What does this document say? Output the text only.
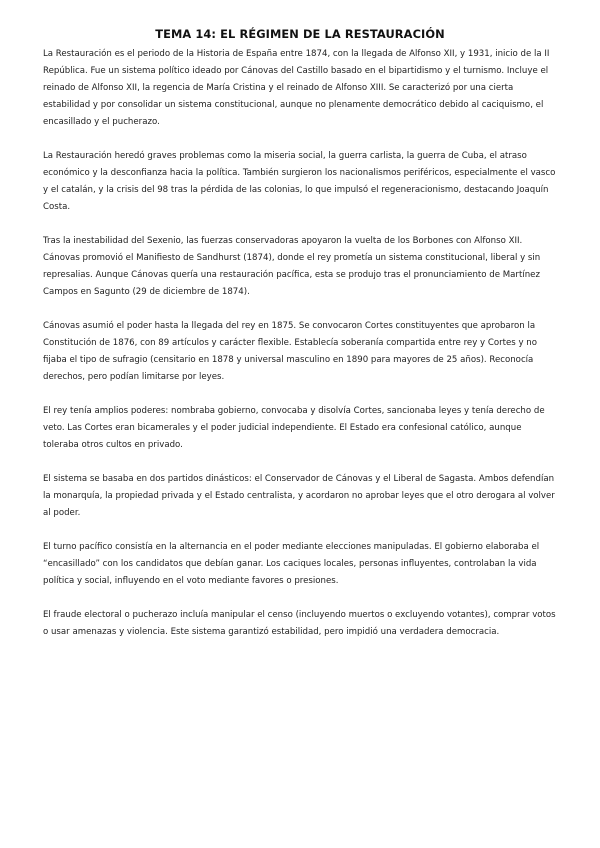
TEMA 14: EL RÉGIMEN DE LA RESTAURACIÓN

La Restauración es el periodo de la Historia de España entre 1874, con la llegada de Alfonso XII, y 1931, inicio de la II República. Fue un sistema político ideado por Cánovas del Castillo basado en el bipartidismo y el turnismo. Incluye el reinado de Alfonso XII, la regencia de María Cristina y el reinado de Alfonso XIII. Se caracterizó por una cierta estabilidad y por consolidar un sistema constitucional, aunque no plenamente democrático debido al caciquismo, el encasillado y el pucherazo.

La Restauración heredó graves problemas como la miseria social, la guerra carlista, la guerra de Cuba, el atraso económico y la desconfianza hacia la política. También surgieron los nacionalismos periféricos, especialmente el vasco y el catalán, y la crisis del 98 tras la pérdida de las colonias, lo que impulsó el regeneracionismo, destacando Joaquín Costa.

Tras la inestabilidad del Sexenio, las fuerzas conservadoras apoyaron la vuelta de los Borbones con Alfonso XII. Cánovas promovió el Manifiesto de Sandhurst (1874), donde el rey prometía un sistema constitucional, liberal y sin represalias. Aunque Cánovas quería una restauración pacífica, esta se produjo tras el pronunciamiento de Martínez Campos en Sagunto (29 de diciembre de 1874).

Cánovas asumió el poder hasta la llegada del rey en 1875. Se convocaron Cortes constituyentes que aprobaron la Constitución de 1876, con 89 artículos y carácter flexible. Establecía soberanía compartida entre rey y Cortes y no fijaba el tipo de sufragio (censitario en 1878 y universal masculino en 1890 para mayores de 25 años). Reconocía derechos, pero podían limitarse por leyes.

El rey tenía amplios poderes: nombraba gobierno, convocaba y disolvía Cortes, sancionaba leyes y tenía derecho de veto. Las Cortes eran bicamerales y el poder judicial independiente. El Estado era confesional católico, aunque toleraba otros cultos en privado.

El sistema se basaba en dos partidos dinásticos: el Conservador de Cánovas y el Liberal de Sagasta. Ambos defendían la monarquía, la propiedad privada y el Estado centralista, y acordaron no aprobar leyes que el otro derogara al volver al poder.

El turno pacífico consistía en la alternancia en el poder mediante elecciones manipuladas. El gobierno elaboraba el “encasillado” con los candidatos que debían ganar. Los caciques locales, personas influyentes, controlaban la vida política y social, influyendo en el voto mediante favores o presiones.

El fraude electoral o pucherazo incluía manipular el censo (incluyendo muertos o excluyendo votantes), comprar votos o usar amenazas y violencia. Este sistema garantizó estabilidad, pero impidió una verdadera democracia.
